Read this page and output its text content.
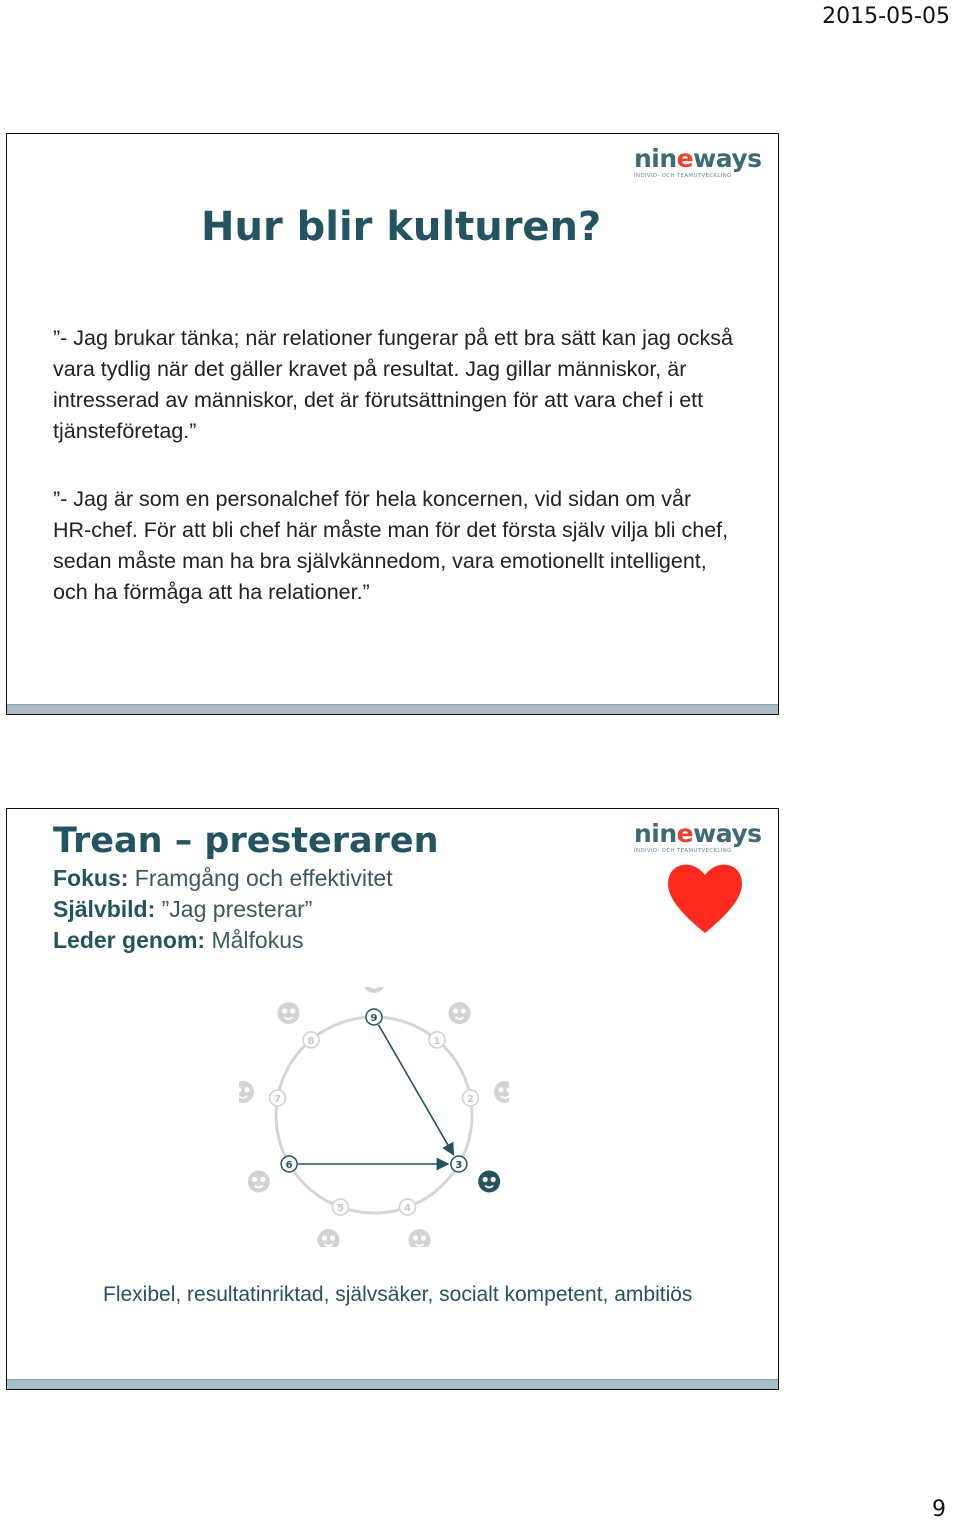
2015-05-05
nineways
INDIVID- OCH TEAMUTVECKLING
Hur blir kulturen?
”- Jag brukar tänka; när relationer fungerar på ett bra sätt kan jag också vara tydlig när det gäller kravet på resultat. Jag gillar människor, är intresserad av människor, det är förutsättningen för att vara chef i ett tjänsteföretag.”
”- Jag är som en personalchef för hela koncernen, vid sidan om vår HR-chef. För att bli chef här måste man för det första själv vilja bli chef, sedan måste man ha bra självkännedom, vara emotionellt intelligent, och ha förmåga att ha relationer.”
nineways
INDIVID- OCH TEAMUTVECKLING
Trean – presteraren
Fokus: Framgång och effektivitet
Självbild: ”Jag presterar”
Leder genom: Målfokus
9
1
2
3
4
5
6
7
8
Flexibel, resultatinriktad, självsäker, socialt kompetent, ambitiös
9
